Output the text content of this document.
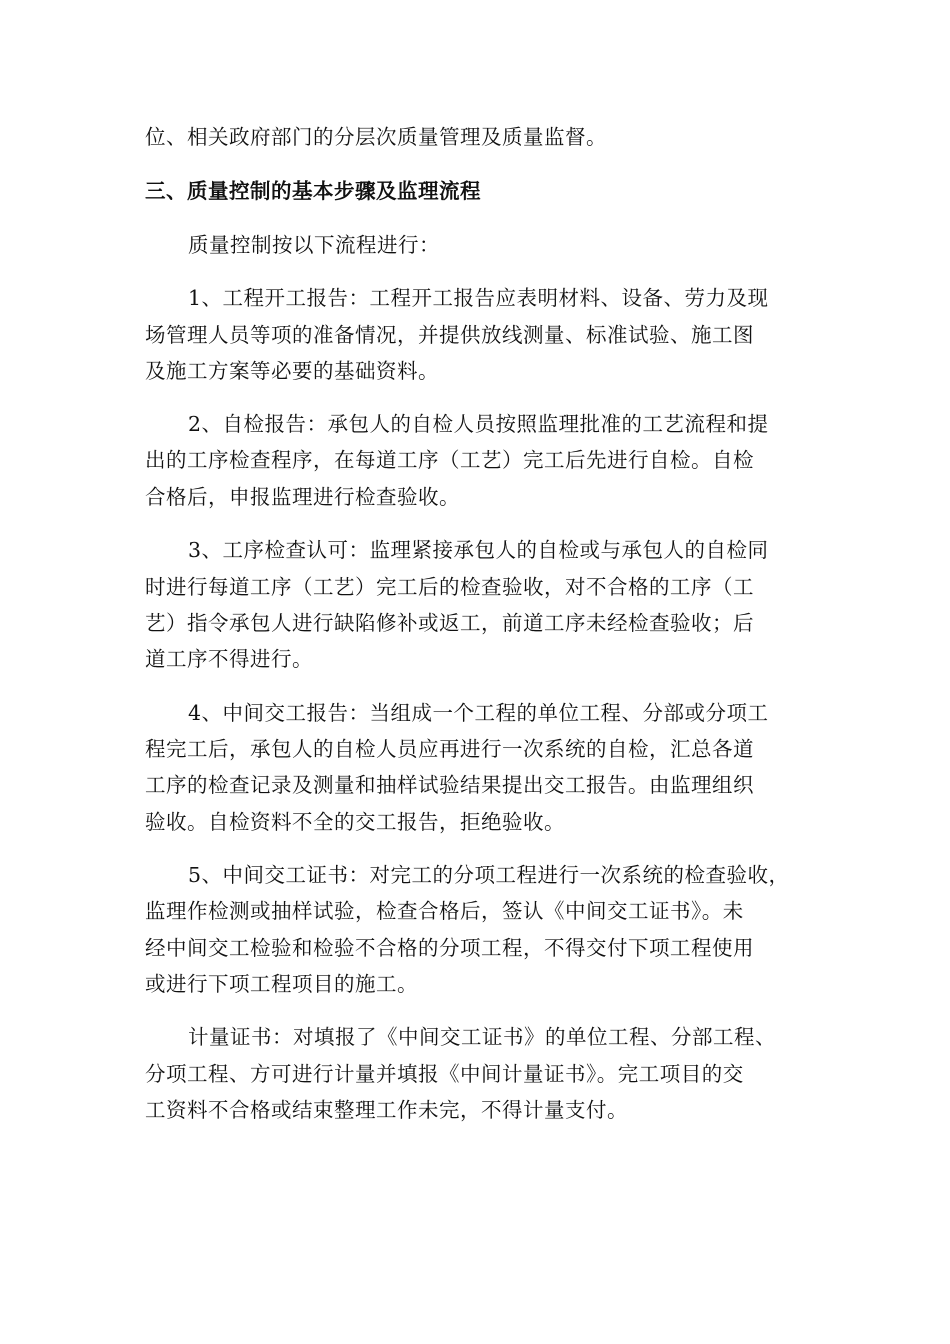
位、相关政府部门的分层次质量管理及质量监督。
三、质量控制的基本步骤及监理流程
质量控制按以下流程进行：
1、工程开工报告：工程开工报告应表明材料、设备、劳力及现
场管理人员等项的准备情况，并提供放线测量、标准试验、施工图
及施工方案等必要的基础资料。
2、自检报告：承包人的自检人员按照监理批准的工艺流程和提
出的工序检查程序，在每道工序（工艺）完工后先进行自检。自检
合格后，申报监理进行检查验收。
3、工序检查认可：监理紧接承包人的自检或与承包人的自检同
时进行每道工序（工艺）完工后的检查验收，对不合格的工序（工
艺）指令承包人进行缺陷修补或返工，前道工序未经检查验收；后
道工序不得进行。
4、中间交工报告：当组成一个工程的单位工程、分部或分项工
程完工后，承包人的自检人员应再进行一次系统的自检，汇总各道
工序的检查记录及测量和抽样试验结果提出交工报告。由监理组织
验收。自检资料不全的交工报告，拒绝验收。
5、中间交工证书：对完工的分项工程进行一次系统的检查验收，
监理作检测或抽样试验，检查合格后，签认《中间交工证书》。未
经中间交工检验和检验不合格的分项工程，不得交付下项工程使用
或进行下项工程项目的施工。
计量证书：对填报了《中间交工证书》的单位工程、分部工程、
分项工程、方可进行计量并填报《中间计量证书》。完工项目的交
工资料不合格或结束整理工作未完，不得计量支付。
